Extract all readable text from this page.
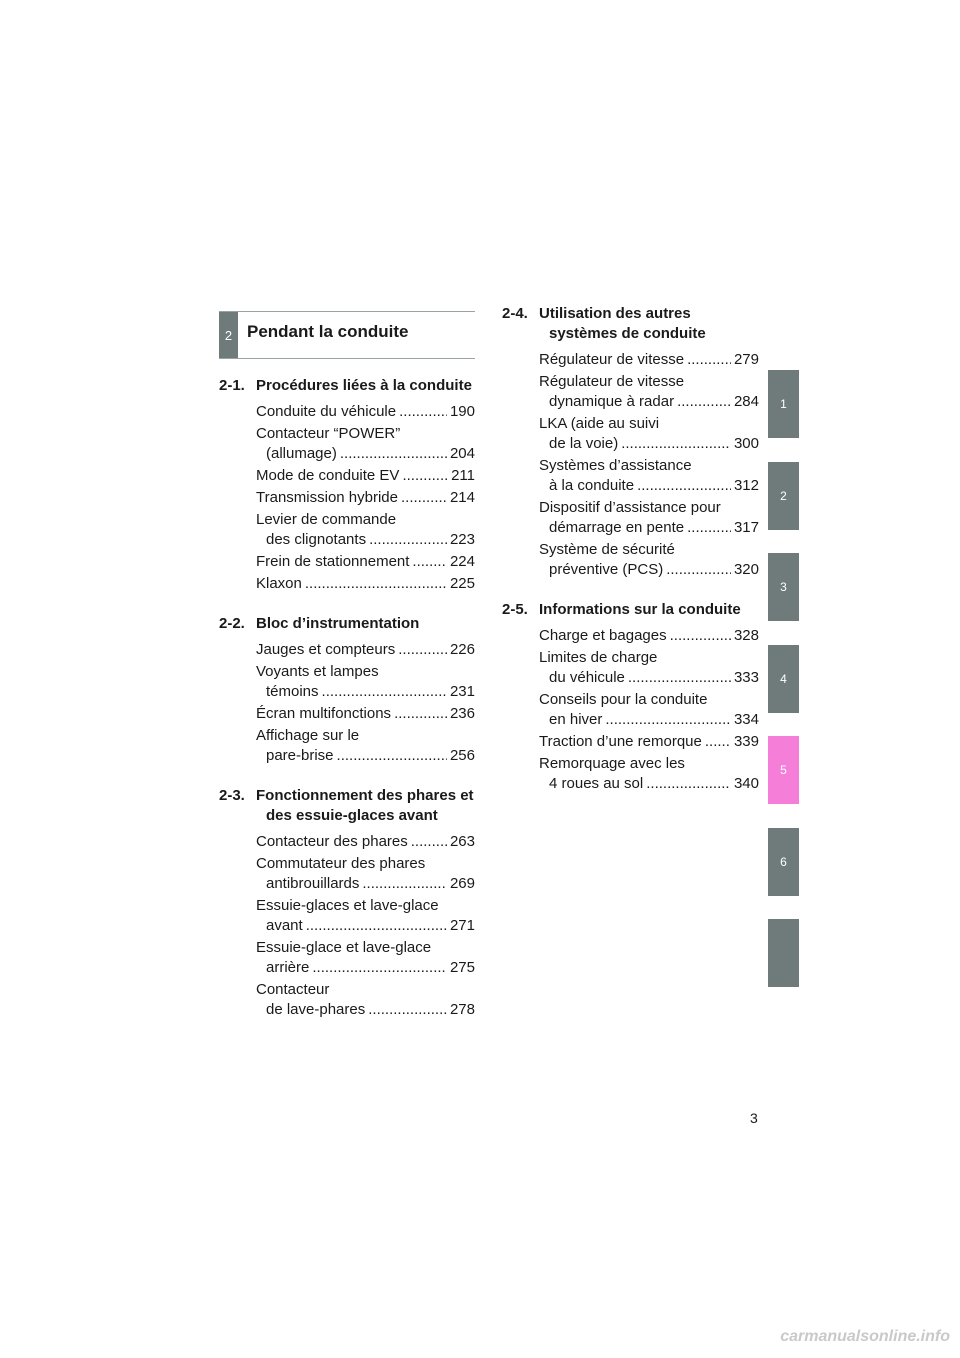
2 Pendant la conduite
2-1. Procédures liées à la conduite
Conduite du véhicule .....	190
Contacteur “POWER”
(allumage) .....	204
Mode de conduite EV .....	211
Transmission hybride .....	214
Levier de commande
des clignotants .....	223
Frein de stationnement .....	224
Klaxon .....	225
2-2. Bloc d’instrumentation
Jauges et compteurs .....	226
Voyants et lampes
témoins .....	231
Écran multifonctions .....	236
Affichage sur le
pare-brise .....	256
2-3. Fonctionnement des phares et des essuie-glaces avant
Contacteur des phares .....	263
Commutateur des phares
antibrouillards .....	269
Essuie-glaces et lave-glace
avant .....	271
Essuie-glace et lave-glace
arrière .....	275
Contacteur
de lave-phares .....	278
2-4. Utilisation des autres systèmes de conduite
Régulateur de vitesse .....	279
Régulateur de vitesse
dynamique à radar .....	284
LKA (aide au suivi
de la voie) .....	300
Systèmes d’assistance
à la conduite .....	312
Dispositif d’assistance pour
démarrage en pente .....	317
Système de sécurité
préventive (PCS) .....	320
2-5. Informations sur la conduite
Charge et bagages .....	328
Limites de charge
du véhicule .....	333
Conseils pour la conduite
en hiver .....	334
Traction d’une remorque ..... 339
Remorquage avec les
4 roues au sol .....	340
1
2
3
4
5
6
3
carmanualsonline.info
